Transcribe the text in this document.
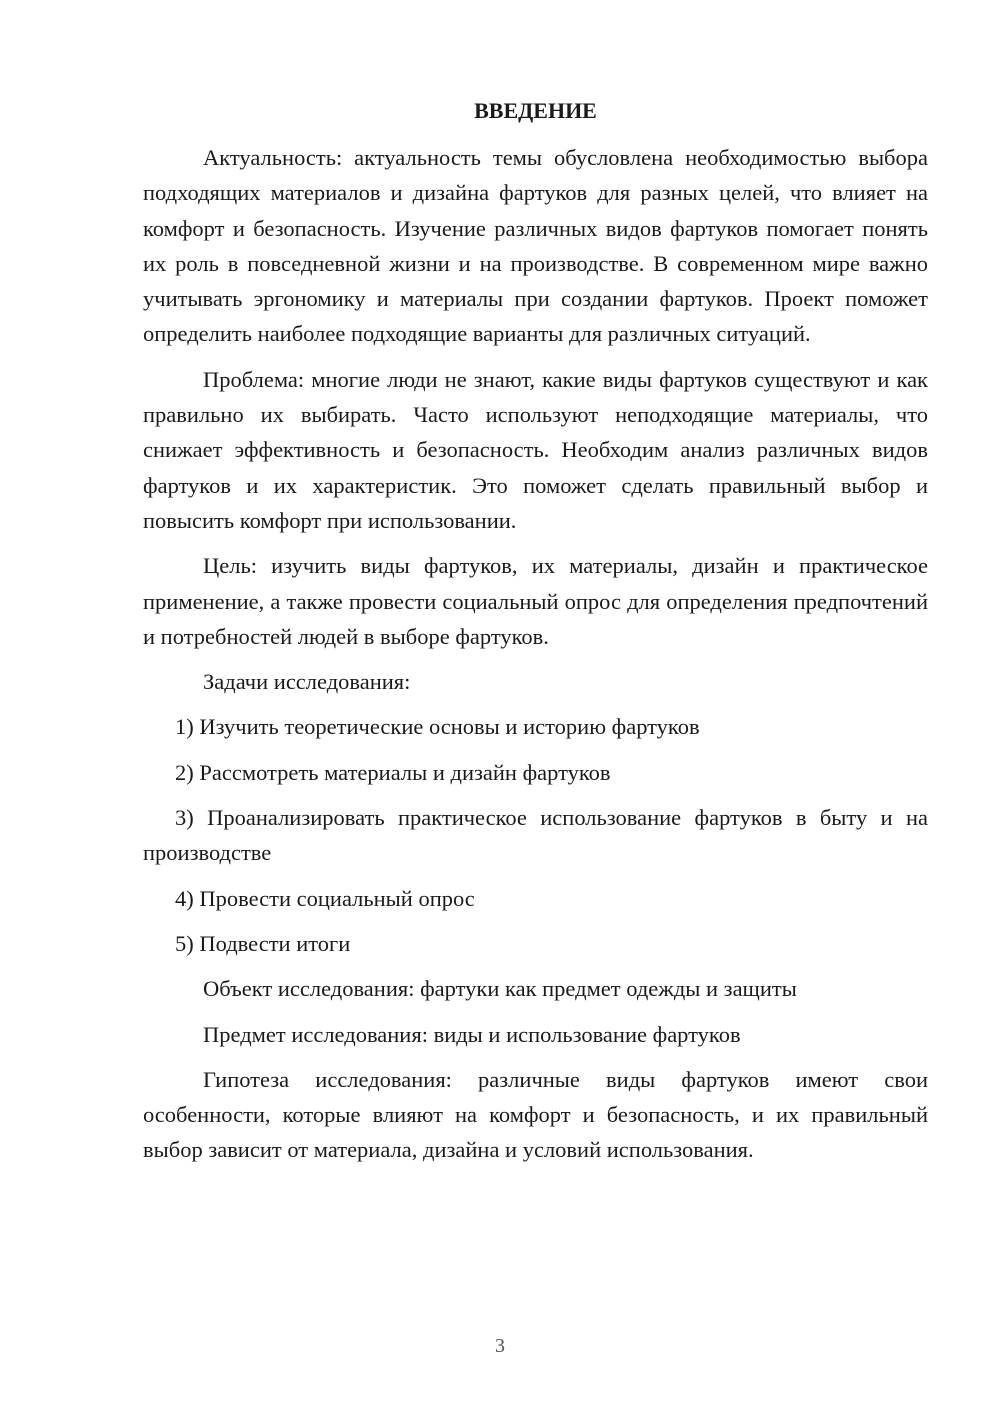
ВВЕДЕНИЕ

Актуальность: актуальность темы обусловлена необходимостью выбора подходящих материалов и дизайна фартуков для разных целей, что влияет на комфорт и безопасность. Изучение различных видов фартуков помогает понять их роль в повседневной жизни и на производстве. В современном мире важно учитывать эргономику и материалы при создании фартуков. Проект поможет определить наиболее подходящие варианты для различных ситуаций.

Проблема: многие люди не знают, какие виды фартуков существуют и как правильно их выбирать. Часто используют неподходящие материалы, что снижает эффективность и безопасность. Необходим анализ различных видов фартуков и их характеристик. Это поможет сделать правильный выбор и повысить комфорт при использовании.

Цель: изучить виды фартуков, их материалы, дизайн и практическое применение, а также провести социальный опрос для определения предпочтений и потребностей людей в выборе фартуков.

Задачи исследования:

1) Изучить теоретические основы и историю фартуков

2) Рассмотреть материалы и дизайн фартуков

3) Проанализировать практическое использование фартуков в быту и на производстве

4) Провести социальный опрос

5) Подвести итоги

Объект исследования: фартуки как предмет одежды и защиты

Предмет исследования: виды и использование фартуков

Гипотеза исследования: различные виды фартуков имеют свои особенности, которые влияют на комфорт и безопасность, и их правильный выбор зависит от материала, дизайна и условий использования.

3
